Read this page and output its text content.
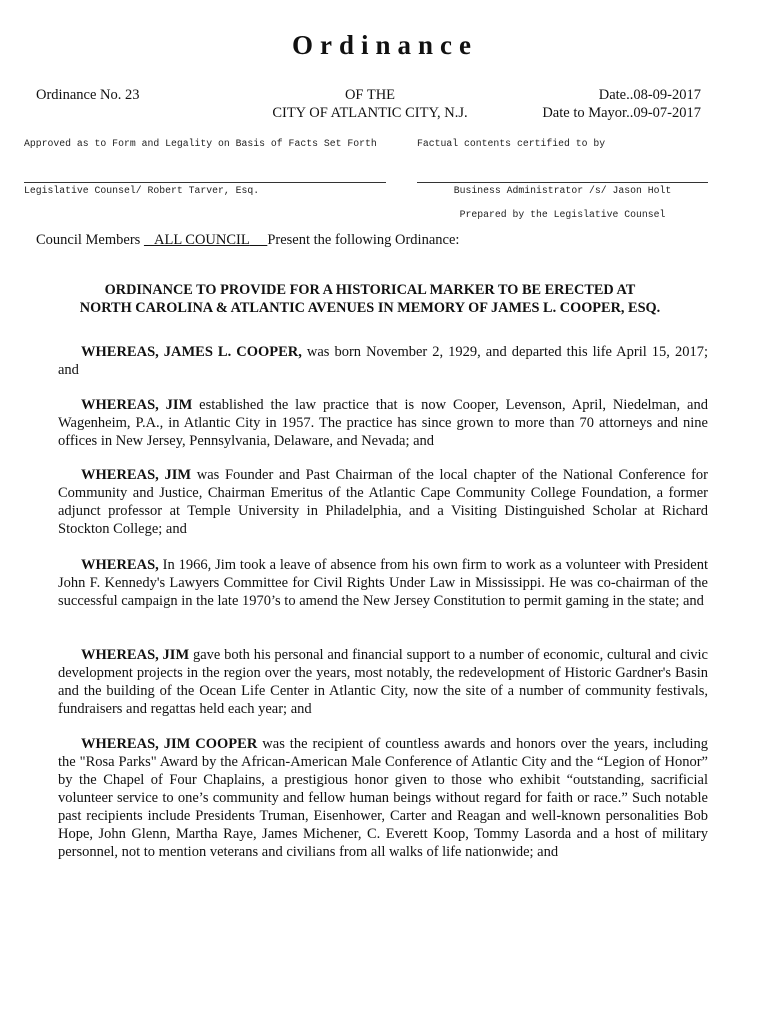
Ordinance
Ordinance No. 23	OF THE
CITY OF ATLANTIC CITY, N.J.
Date..08-09-2017
Date to Mayor..09-07-2017
Approved as to Form and Legality on Basis of Facts Set Forth	Factual contents certified to by
Legislative Counsel/ Robert Tarver, Esq.	Business Administrator /s/ Jason Holt
Prepared by the Legislative Counsel
Council Members    ALL COUNCIL Present the following Ordinance:
ORDINANCE TO PROVIDE FOR A HISTORICAL MARKER TO BE ERECTED AT
NORTH CAROLINA & ATLANTIC AVENUES IN MEMORY OF JAMES L. COOPER, ESQ.
WHEREAS, JAMES L. COOPER, was born November 2, 1929, and departed this life April 15, 2017; and
WHEREAS, JIM established the law practice that is now Cooper, Levenson, April, Niedelman, and Wagenheim, P.A., in Atlantic City in 1957. The practice has since grown to more than 70 attorneys and nine offices in New Jersey, Pennsylvania, Delaware, and Nevada; and
WHEREAS, JIM was Founder and Past Chairman of the local chapter of the National Conference for Community and Justice, Chairman Emeritus of the Atlantic Cape Community College Foundation, a former adjunct professor at Temple University in Philadelphia, and a Visiting Distinguished Scholar at Richard Stockton College; and
WHEREAS, In 1966, Jim took a leave of absence from his own firm to work as a volunteer with President John F. Kennedy's Lawyers Committee for Civil Rights Under Law in Mississippi. He was co-chairman of the successful campaign in the late 1970’s to amend the New Jersey Constitution to permit gaming in the state; and
WHEREAS, JIM gave both his personal and financial support to a number of economic, cultural and civic development projects in the region over the years, most notably, the redevelopment of Historic Gardner's Basin and the building of the Ocean Life Center in Atlantic City, now the site of a number of community festivals, fundraisers and regattas held each year; and
WHEREAS, JIM COOPER was the recipient of countless awards and honors over the years, including the "Rosa Parks" Award by the African-American Male Conference of Atlantic City and the “Legion of Honor” by the Chapel of Four Chaplains, a prestigious honor given to those who exhibit “outstanding, sacrificial volunteer service to one’s community and fellow human beings without regard for faith or race.” Such notable past recipients include Presidents Truman, Eisenhower, Carter and Reagan and well-known personalities Bob Hope, John Glenn, Martha Raye, James Michener, C. Everett Koop, Tommy Lasorda and a host of military personnel, not to mention veterans and civilians from all walks of life nationwide; and
